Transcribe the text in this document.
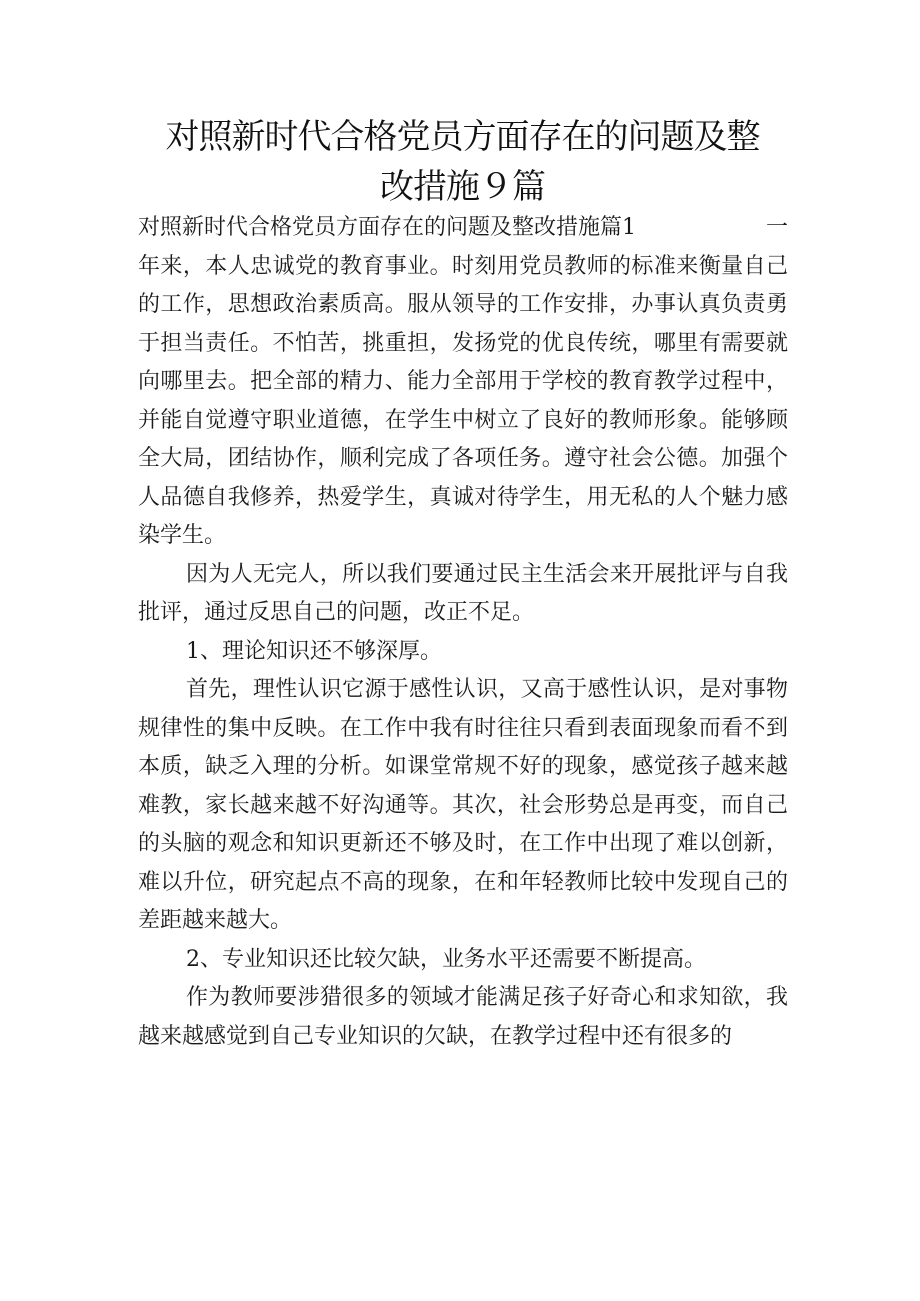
对照新时代合格党员方面存在的问题及整
改措施９篇
对照新时代合格党员方面存在的问题及整改措施篇1	一

年来，本人忠诚党的教育事业。时刻用党员教师的标准来衡量自己的工作，思想政治素质高。服从领导的工作安排，办事认真负责勇于担当责任。不怕苦，挑重担，发扬党的优良传统，哪里有需要就向哪里去。把全部的精力、能力全部用于学校的教育教学过程中，并能自觉遵守职业道德，在学生中树立了良好的教师形象。能够顾全大局，团结协作，顺利完成了各项任务。遵守社会公德。加强个人品德自我修养，热爱学生，真诚对待学生，用无私的人个魅力感染学生。

因为人无完人，所以我们要通过民主生活会来开展批评与自我批评，通过反思自己的问题，改正不足。

1、理论知识还不够深厚。

首先，理性认识它源于感性认识，又高于感性认识，是对事物规律性的集中反映。在工作中我有时往往只看到表面现象而看不到本质，缺乏入理的分析。如课堂常规不好的现象，感觉孩子越来越难教，家长越来越不好沟通等。其次，社会形势总是再变，而自己的头脑的观念和知识更新还不够及时，在工作中出现了难以创新，难以升位，研究起点不高的现象，在和年轻教师比较中发现自己的差距越来越大。

2、专业知识还比较欠缺，业务水平还需要不断提高。

作为教师要涉猎很多的领域才能满足孩子好奇心和求知欲，我越来越感觉到自己专业知识的欠缺，在教学过程中还有很多的
